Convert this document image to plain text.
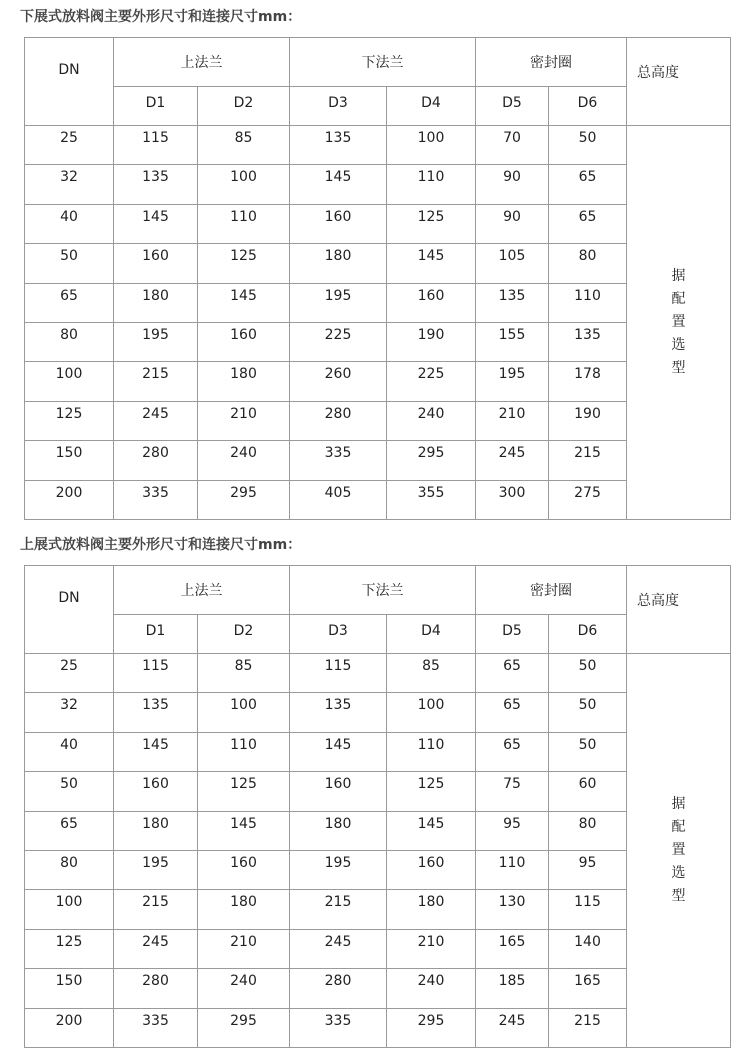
下展式放料阀主要外形尺寸和连接尺寸mm：
DN	上法兰		下法兰		密封圈		总高度
	D1	D2	D3	D4	D5	D6	
25	115	85	135	100	70	50	据配置选型
32	135	100	145	110	90	65	
40	145	110	160	125	90	65	
50	160	125	180	145	105	80	
65	180	145	195	160	135	110	
80	195	160	225	190	155	135	
100	215	180	260	225	195	178	
125	245	210	280	240	210	190	
150	280	240	335	295	245	215	
200	335	295	405	355	300	275	
上展式放料阀主要外形尺寸和连接尺寸mm：
DN	上法兰		下法兰		密封圈		总高度
	D1	D2	D3	D4	D5	D6	
25	115	85	115	85	65	50	据配置选型
32	135	100	135	100	65	50	
40	145	110	145	110	65	50	
50	160	125	160	125	75	60	
65	180	145	180	145	95	80	
80	195	160	195	160	110	95	
100	215	180	215	180	130	115	
125	245	210	245	210	165	140	
150	280	240	280	240	185	165	
200	335	295	335	295	245	215	
